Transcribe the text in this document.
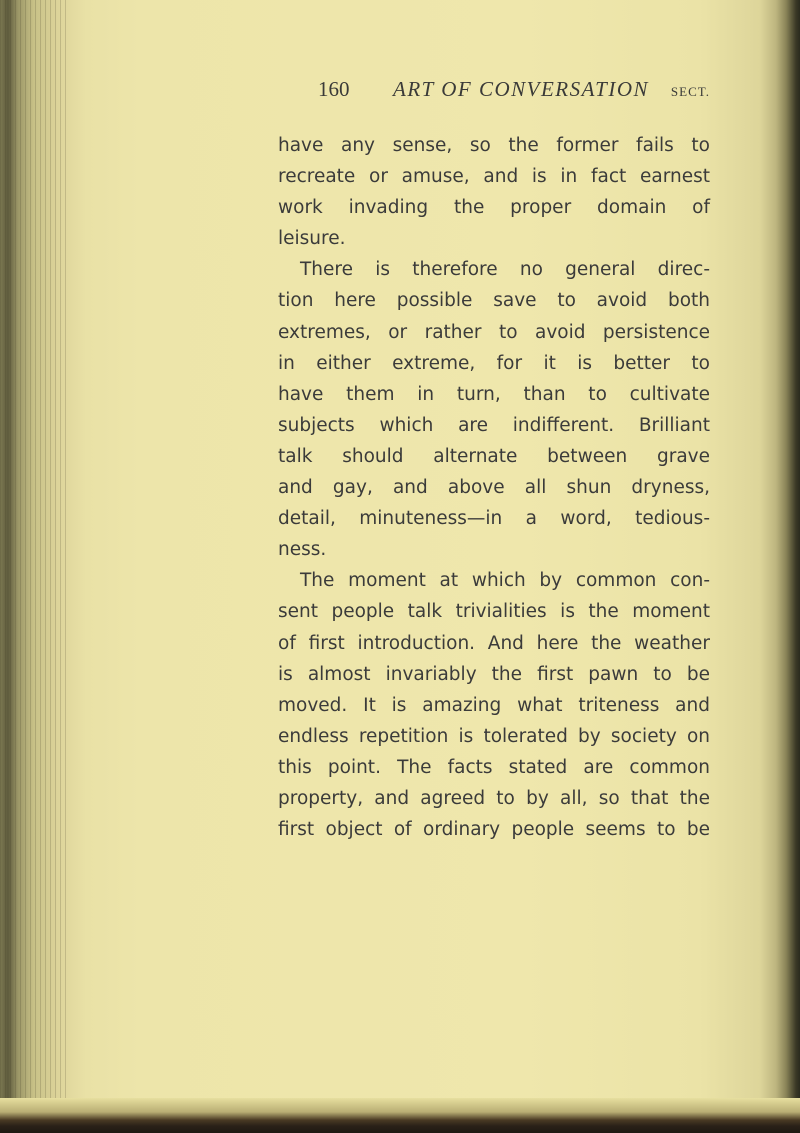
160 ART OF CONVERSATION SECT.
have any sense, so the former fails to
recreate or amuse, and is in fact earnest
work invading the proper domain of
leisure.
There is therefore no general direc-
tion here possible save to avoid both
extremes, or rather to avoid persistence
in either extreme, for it is better to
have them in turn, than to cultivate
subjects which are indifferent. Brilliant
talk should alternate between grave
and gay, and above all shun dryness,
detail, minuteness—in a word, tedious-
ness.
The moment at which by common con-
sent people talk trivialities is the moment
of first introduction. And here the weather
is almost invariably the first pawn to be
moved. It is amazing what triteness and
endless repetition is tolerated by society on
this point. The facts stated are common
property, and agreed to by all, so that the
first object of ordinary people seems to be
